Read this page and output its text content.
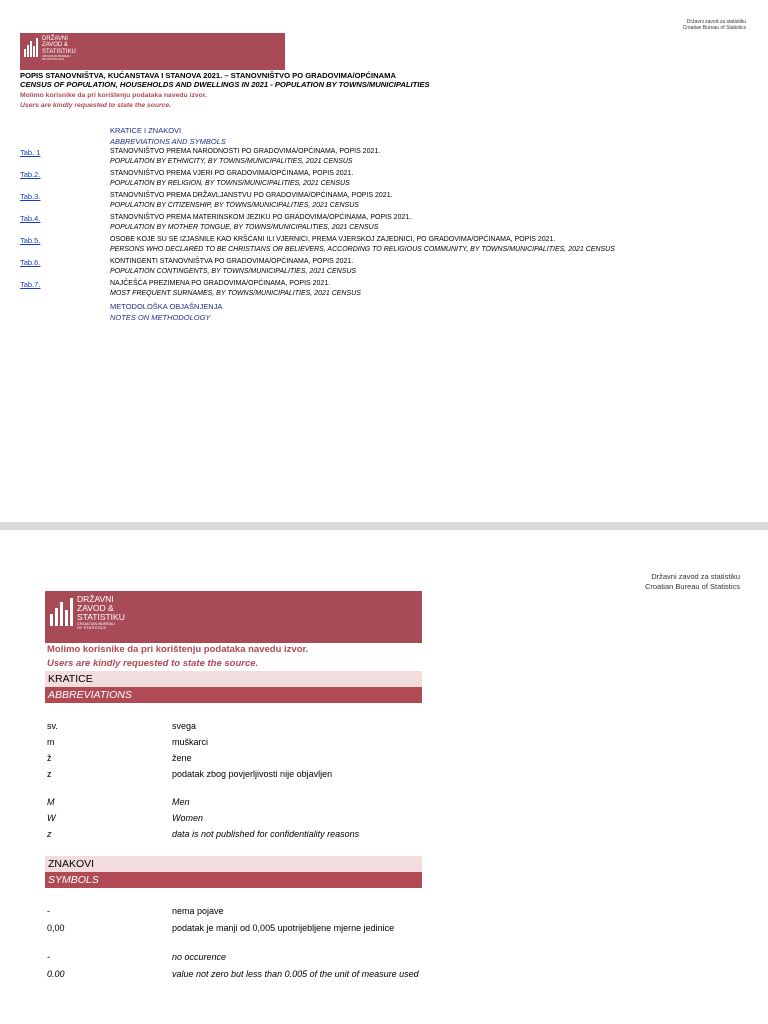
Državni zavod za statistiku
Croatian Bureau of Statistics
DRŽAVNI
ZAVOD &
STATISTIKU
CROATIAN BUREAU
OF STATISTICS
POPIS STANOVNIŠTVA, KUĆANSTAVA I STANOVA 2021. – STANOVNIŠTVO PO GRADOVIMA/OPĆINAMA
CENSUS OF POPULATION, HOUSEHOLDS AND DWELLINGS IN 2021 - POPULATION BY TOWNS/MUNICIPALITIES
Molimo korisnike da pri korištenju podataka navedu izvor.
Users are kindly requested to state the source.
KRATICE I ZNAKOVI
ABBREVIATIONS AND SYMBOLS
Tab. 1	STANOVNIŠTVO PREMA NARODNOSTI PO GRADOVIMA/OPĆINAMA, POPIS 2021.
POPULATION BY ETHNICITY, BY TOWNS/MUNICIPALITIES, 2021 CENSUS
Tab.2.	STANOVNIŠTVO PREMA VJERI PO GRADOVIMA/OPĆINAMA, POPIS 2021.
POPULATION BY RELIGION, BY TOWNS/MUNICIPALITIES, 2021 CENSUS
Tab.3.	STANOVNIŠTVO PREMA DRŽAVLJANSTVU PO GRADOVIMA/OPĆINAMA, POPIS 2021.
POPULATION BY CITIZENSHIP, BY TOWNS/MUNICIPALITIES, 2021 CENSUS
Tab.4.	STANOVNIŠTVO PREMA MATERINSKOM JEZIKU PO GRADOVIMA/OPĆINAMA, POPIS 2021.
POPULATION BY MOTHER TONGUE, BY TOWNS/MUNICIPALITIES, 2021 CENSUS
Tab.5.	OSOBE KOJE SU SE IZJASNILE KAO KRŠĆANI ILI VJERNICI, PREMA VJERSKOJ ZAJEDNICI, PO GRADOVIMA/OPĆINAMA, POPIS 2021.
PERSONS WHO DECLARED TO BE CHRISTIANS OR BELIEVERS, ACCORDING TO RELIGIOUS COMMUNITY, BY TOWNS/MUNICIPALITIES, 2021 CENSUS
Tab.6.	KONTINGENTI STANOVNIŠTVA PO GRADOVIMA/OPĆINAMA, POPIS 2021.
POPULATION CONTINGENTS, BY TOWNS/MUNICIPALITIES, 2021 CENSUS
Tab.7.	NAJČEŠĆA PREZIMENA PO GRADOVIMA/OPĆINAMA, POPIS 2021.
MOST FREQUENT SURNAMES, BY TOWNS/MUNICIPALITIES, 2021 CENSUS
METODOLOŠKA OBJAŠNJENJA
NOTES ON METHODOLOGY
Državni zavod za statistiku
Croatian Bureau of Statistics
DRŽAVNI
ZAVOD &
STATISTIKU
CROATIAN BUREAU
OF STATISTICS
Molimo korisnike da pri korištenju podataka navedu izvor.
Users are kindly requested to state the source.
KRATICE
ABBREVIATIONS
sv.	svega
m	muškarci
ž	žene
z	podatak zbog povjerljivosti nije objavljen
M	Men
W	Women
z	data is not published for confidentiality reasons
ZNAKOVI
SYMBOLS
-	nema pojave
0,00	podatak je manji od 0,005 upotrijebljene mjerne jedinice
-	no occurence
0.00	value not zero but less than 0.005 of the unit of measure used
